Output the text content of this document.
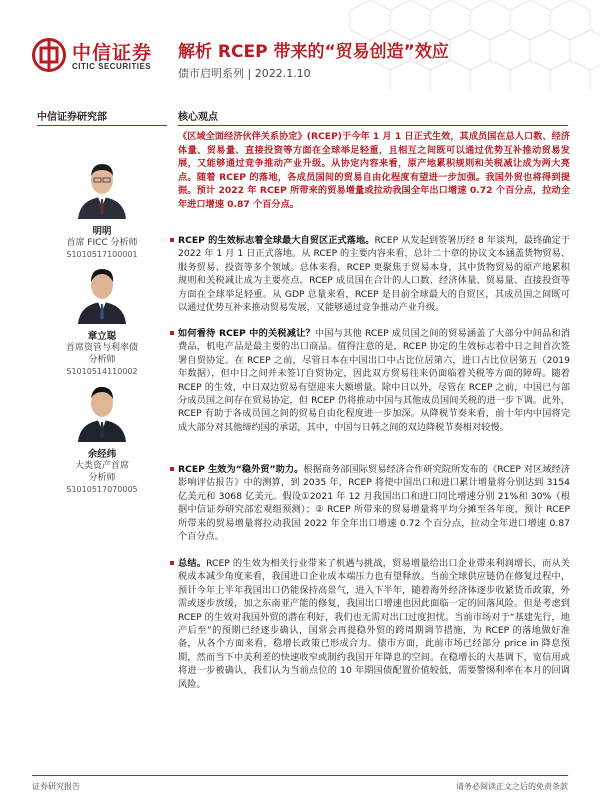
中信证券
CITIC SECURITIES
解析 RCEP 带来的“贸易创造”效应
债市启明系列 | 2022.1.10
中信证券研究部
明明
首席 FICC 分析师
S1010517100001
章立聪
首席资管与利率债
分析师
S1010514110002
余经纬
大类资产首席
分析师
S1010517070005
核心观点
《区域全面经济伙伴关系协定》(RCEP)于今年 1 月 1 日正式生效，其成员国在总人口数、经济体量、贸易量、直接投资等方面在全球举足轻重，且相互之间既可以通过优势互补推动贸易发展，又能够通过竞争推动产业升级。从协定内容来看，原产地累积规则和关税减让成为两大亮点。随着 RCEP 的落地，各成员国间的贸易自由化程度有望进一步加强。我国外贸也将得到提振。预计 2022 年 RCEP 所带来的贸易增量或拉动我国全年出口增速 0.72 个百分点，拉动全年进口增速 0.87 个百分点。
RCEP 的生效标志着全球最大自贸区正式落地。RCEP 从发起到签署历经 8 年谈判，最终确定于 2022 年 1 月 1 日正式落地。从 RCEP 的主要内容来看，总计二十章的协议文本涵盖货物贸易、服务贸易、投资等多个领域。总体来看，RCEP 更聚焦于贸易本身，其中货物贸易的原产地累积规则和关税减让成为主要亮点。RCEP 成员国在合计的人口数、经济体量、贸易量、直接投资等方面在全球举足轻重。从 GDP 总量来看，RCEP 是目前全球最大的自贸区，其成员国之间既可以通过优势互补来推动贸易发展，又能够通过竞争推动产业升级。
如何看待 RCEP 中的关税减让？中国与其他 RCEP 成员国之间的贸易涵盖了大部分中间品和消费品，机电产品是最主要的出口商品。值得注意的是，RCEP 协定的生效标志着中日之间首次签署自贸协定。在 RCEP 之前，尽管日本在中国出口中占比位居第六，进口占比位居第五（2019 年数据），但中日之间并未签订自贸协定，因此双方贸易往来仍面临着关税等方面的障碍。随着 RCEP 的生效，中日双边贸易有望迎来大额增量。除中日以外，尽管在 RCEP 之前，中国已与部分成员国之间存在贸易协定，但 RCEP 仍将推动中国与其他成员国间关税的进一步下调。此外，RCEP 有助于各成员国之间的贸易自由化程度进一步加深。从降税节奏来看，前十年内中国将完成大部分对其他缔约国的承诺，其中，中国与日韩之间的双边降税节奏相对较慢。
RCEP 生效为“稳外贸”助力。根据商务部国际贸易经济合作研究院所发布的《RCEP 对区域经济影响评估报告》中的测算，到 2035 年，RCEP 将使中国出口和进口累计增量将分别达到 3154 亿美元和 3068 亿美元。假设①2021 年 12 月我国出口和进口同比增速分别 21%和 30%（根据中信证券研究部宏观组预测）；② RCEP 所带来的贸易增量将平均分摊至各年度，预计 RCEP 所带来的贸易增量将拉动我国 2022 年全年出口增速 0.72 个百分点，拉动全年进口增速 0.87 个百分点。
总结。RCEP 的生效为相关行业带来了机遇与挑战，贸易增量给出口企业带来利润增长，而从关税成本减少角度来看，我国进口企业成本端压力也有望释放。当前全球供应链仍在修复过程中，预计今年上半年我国出口仍能保持高景气，进入下半年，随着海外经济体逐步收紧货币政策，外需或逐步放缓，加之东南亚产能的修复，我国出口增速也因此面临一定的回落风险。但是考虑到 RCEP 的生效对我国外贸的潜在利好，我们也无需对出口过度担忧。当前市场对于“基建先行，地产后至”的预期已经逐步确认，国常会再提稳外贸的跨周期调节措施，为 RCEP 的落地做好准备，从各个方面来看，稳增长政策已形成合力。债市方面，此前市场已经部分 price in 降息预期，然而当下中美利差的快速收窄或制约我国开年降息的空间。在稳增长的大基调下，宽信用或将进一步被确认，我们认为当前点位的 10 年期国债配置价值较低，需要警惕利率在本月的回调风险。
证券研究报告	请务必阅读正文之后的免责条款
